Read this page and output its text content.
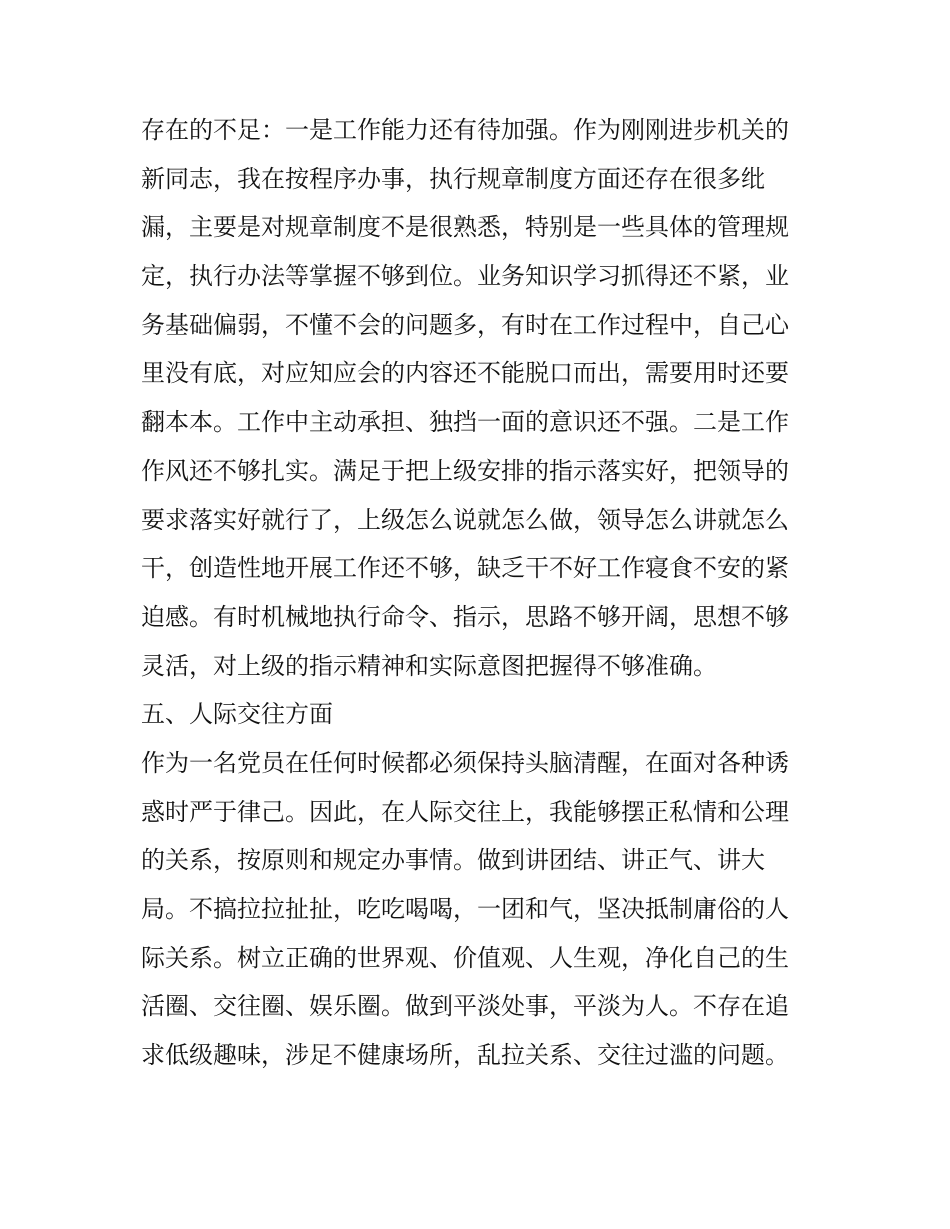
存在的不足：一是工作能力还有待加强。作为刚刚进步机关的
新同志，我在按程序办事，执行规章制度方面还存在很多纰
漏，主要是对规章制度不是很熟悉，特别是一些具体的管理规
定，执行办法等掌握不够到位。业务知识学习抓得还不紧，业
务基础偏弱，不懂不会的问题多，有时在工作过程中，自己心
里没有底，对应知应会的内容还不能脱口而出，需要用时还要
翻本本。工作中主动承担、独挡一面的意识还不强。二是工作
作风还不够扎实。满足于把上级安排的指示落实好，把领导的
要求落实好就行了，上级怎么说就怎么做，领导怎么讲就怎么
干，创造性地开展工作还不够，缺乏干不好工作寝食不安的紧
迫感。有时机械地执行命令、指示，思路不够开阔，思想不够
灵活，对上级的指示精神和实际意图把握得不够准确。
五、人际交往方面
作为一名党员在任何时候都必须保持头脑清醒，在面对各种诱
惑时严于律己。因此，在人际交往上，我能够摆正私情和公理
的关系，按原则和规定办事情。做到讲团结、讲正气、讲大
局。不搞拉拉扯扯，吃吃喝喝，一团和气，坚决抵制庸俗的人
际关系。树立正确的世界观、价值观、人生观，净化自己的生
活圈、交往圈、娱乐圈。做到平淡处事，平淡为人。不存在追
求低级趣味，涉足不健康场所，乱拉关系、交往过滥的问题。
